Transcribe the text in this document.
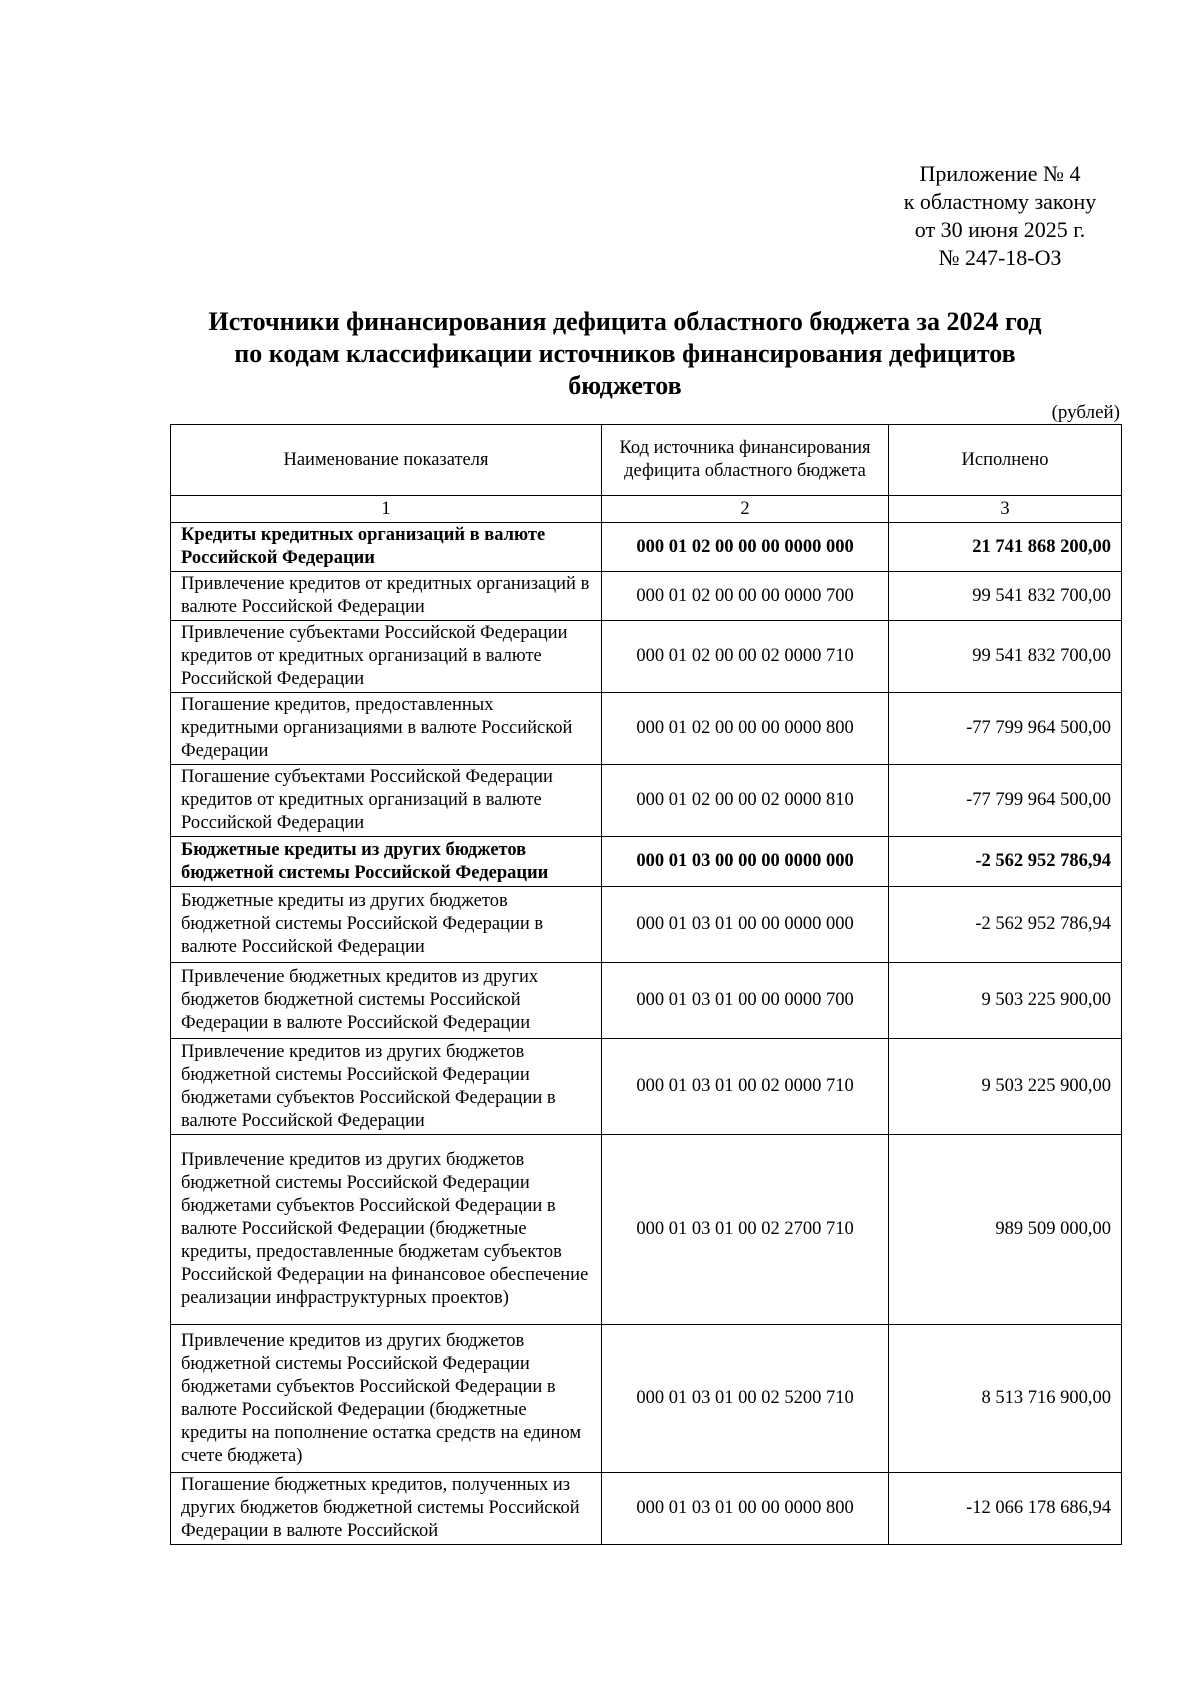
Приложение № 4
к областному закону
от 30 июня 2025 г.
№ 247-18-ОЗ
Источники финансирования дефицита областного бюджета за 2024 год
по кодам классификации источников финансирования дефицитов
бюджетов
(рублей)
Наименование показателя	Код источника финансирования дефицита областного бюджета	Исполнено
1	2	3
Кредиты кредитных организаций в валюте Российской Федерации	000 01 02 00 00 00 0000 000	21 741 868 200,00
Привлечение кредитов от кредитных организаций в валюте Российской Федерации	000 01 02 00 00 00 0000 700	99 541 832 700,00
Привлечение субъектами Российской Федерации кредитов от кредитных организаций в валюте Российской Федерации	000 01 02 00 00 02 0000 710	99 541 832 700,00
Погашение кредитов, предоставленных кредитными организациями в валюте Российской Федерации	000 01 02 00 00 00 0000 800	-77 799 964 500,00
Погашение субъектами Российской Федерации кредитов от кредитных организаций в валюте Российской Федерации	000 01 02 00 00 02 0000 810	-77 799 964 500,00
Бюджетные кредиты из других бюджетов бюджетной системы Российской Федерации	000 01 03 00 00 00 0000 000	-2 562 952 786,94
Бюджетные кредиты из других бюджетов бюджетной системы Российской Федерации в валюте Российской Федерации	000 01 03 01 00 00 0000 000	-2 562 952 786,94
Привлечение бюджетных кредитов из других бюджетов бюджетной системы Российской Федерации в валюте Российской Федерации	000 01 03 01 00 00 0000 700	9 503 225 900,00
Привлечение кредитов из других бюджетов бюджетной системы Российской Федерации бюджетами субъектов Российской Федерации в валюте Российской Федерации	000 01 03 01 00 02 0000 710	9 503 225 900,00
Привлечение кредитов из других бюджетов бюджетной системы Российской Федерации бюджетами субъектов Российской Федерации в валюте Российской Федерации (бюджетные кредиты, предоставленные бюджетам субъектов Российской Федерации на финансовое обеспечение реализации инфраструктурных проектов)	000 01 03 01 00 02 2700 710	989 509 000,00
Привлечение кредитов из других бюджетов бюджетной системы Российской Федерации бюджетами субъектов Российской Федерации в валюте Российской Федерации (бюджетные кредиты на пополнение остатка средств на едином счете бюджета)	000 01 03 01 00 02 5200 710	8 513 716 900,00
Погашение бюджетных кредитов, полученных из других бюджетов бюджетной системы Российской Федерации в валюте Российской	000 01 03 01 00 00 0000 800	-12 066 178 686,94
